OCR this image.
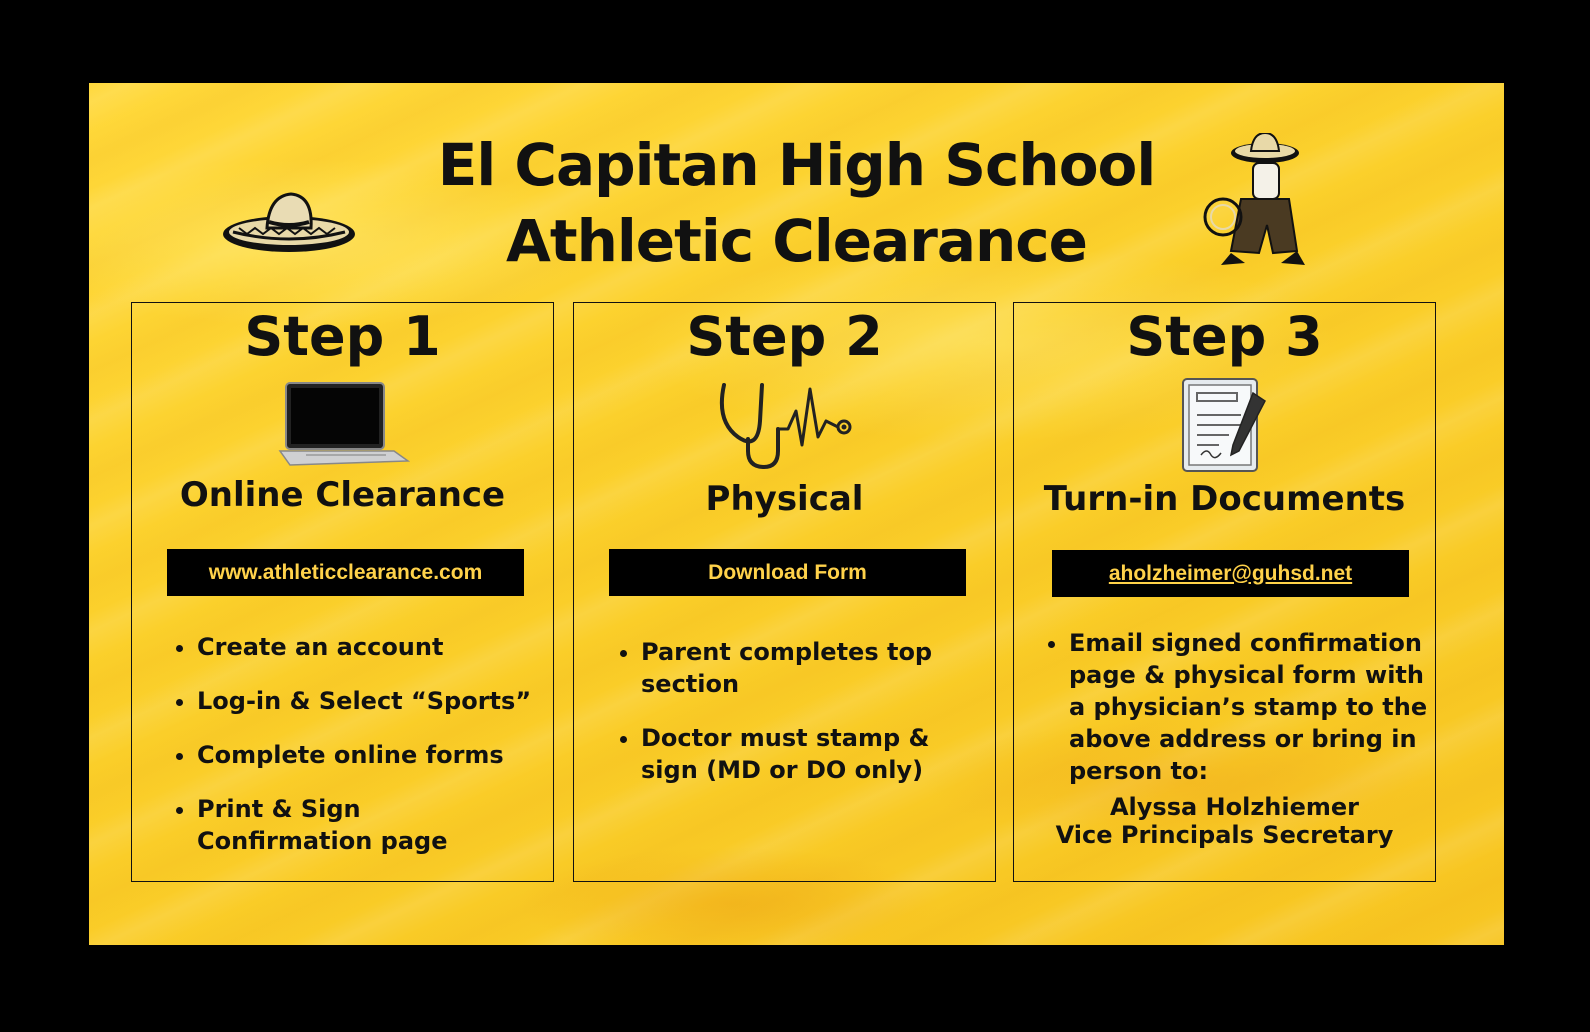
El Capitan High School
Athletic Clearance
Step 1
Online Clearance
www.athleticclearance.com
• Create an account
• Log-in & Select “Sports”
• Complete online forms
• Print & Sign Confirmation page
Step 2
Physical
Download Form
• Parent completes top section
• Doctor must stamp & sign (MD or DO only)
Step 3
Turn-in Documents
aholzheimer@guhsd.net
• Email signed confirmation page & physical form with a physician’s stamp to the above address or bring in person to:
Alyssa Holzhiemer
Vice Principals Secretary
